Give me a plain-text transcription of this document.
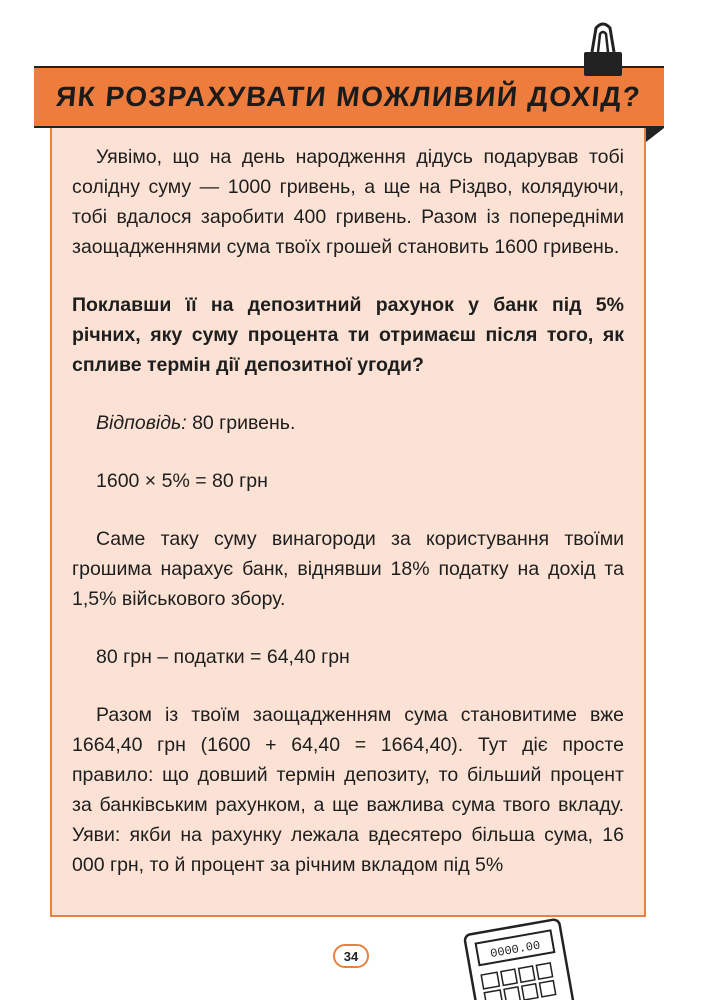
ЯК РОЗРАХУВАТИ МОЖЛИВИЙ ДОХІД?

Уявімо, що на день народження дідусь подарував тобі солідну суму — 1000 гривень, а ще на Різдво, колядуючи, тобі вдалося заробити 400 гривень. Разом із попередніми заощадженнями сума твоїх грошей становить 1600 гривень.

Поклавши її на депозитний рахунок у банк під 5% річних, яку суму процента ти отримаєш після того, як спливе термін дії депозитної угоди?

Відповідь: 80 гривень.

1600 × 5% = 80 грн

Саме таку суму винагороди за користування твоїми грошима нарахує банк, віднявши 18% податку на дохід та 1,5% військового збору.

80 грн – податки = 64,40 грн

Разом із твоїм заощадженням сума становитиме вже 1664,40 грн (1600 + 64,40 = 1664,40). Тут діє просте правило: що довший термін депозиту, то більший процент за банківським рахунком, а ще важлива сума твого вкладу. Уяви: якби на рахунку лежала вдесятеро більша сума, 16 000 грн, то й процент за річним вкладом під 5%

34	0000.00
